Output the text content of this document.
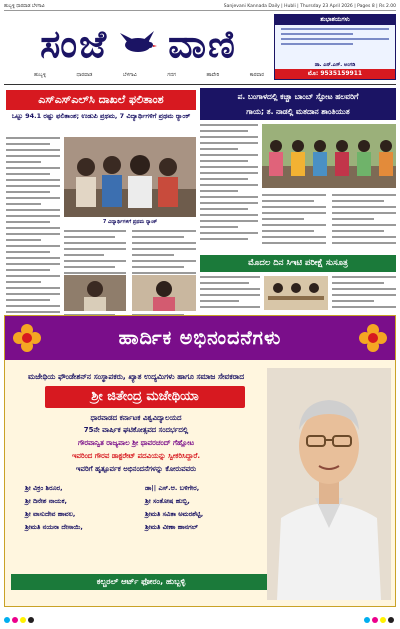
ಹುಬ್ಬಳ್ಳಿ ಧಾರವಾಡ ಬೆಳಗಾವಿ	Sanjevani Kannada Daily | Hubli | Thursday 23 April 2026 | Pages 8 | Rs 2.00
ಸಂಜೆ ವಾಣಿ
ಹುಬ್ಬಳ್ಳಿ	ಧಾರವಾಡ	ಬೆಳಗಾವಿ	ಗದಗ	ಹಾವೇರಿ	ಕಾರವಾರ
ಶುಭಾಶಯಗಳು
ಡಾ. ಎನ್.ಎಸ್. ಅಂಗಡಿ
ಮೊ: 9535159911
ಎಸ್‌ಎಸ್‌ಎಲ್‌ಸಿ ದಾಖಲೆ ಫಲಿತಾಂಶ
ಒಟ್ಟು 94.1 ರಷ್ಟು ಫಲಿತಾಂಶ; ಉಡುಪಿ ಪ್ರಥಮ, 7 ವಿದ್ಯಾರ್ಥಿಗಳಿಗೆ ಪ್ರಥಮ ರ‍್ಯಾಂಕ್
7 ವಿದ್ಯಾರ್ಥಿಗಳಿಗೆ ಪ್ರಥಮ ರ‍್ಯಾಂಕ್
ಪ. ಬಂಗಾಳದಲ್ಲಿ ಕಚ್ಚಾ ಬಾಂಬ್ ಸ್ಫೋಟ ಹಲವರಿಗೆ
ಗಾಯ; ತ. ನಾಡಲ್ಲಿ ಮತದಾನ ಶಾಂತಿಯುತ
ಮೊದಲ ದಿನ ಸಿಇಟಿ ಪರೀಕ್ಷೆ ಸುಸೂತ್ರ
ಹಾರ್ದಿಕ ಅಭಿನಂದನೆಗಳು
ಮಜೇಥಿಯ ಫೌಂಡೇಶನ್‌ನ ಸಂಸ್ಥಾಪಕರು, ಖ್ಯಾತ ಉದ್ಯಮಿಗಳು ಹಾಗೂ ಸಮಾಜ ಸೇವಕರಾದ
ಶ್ರೀ ಜಿತೇಂದ್ರ ಮಜೇಥಿಯಾ
ಧಾರವಾಡದ ಕರ್ನಾಟಕ ವಿಶ್ವವಿದ್ಯಾಲಯದ
75ನೇ ವಾರ್ಷಿಕ ಘಟಿಕೋತ್ಸವದ ಸಂದರ್ಭದಲ್ಲಿ
ಗೌರವಾನ್ವಿತ ರಾಜ್ಯಪಾಲ ಶ್ರೀ ಥಾವರಚಂದ್ ಗೆಹ್ಲೋಟ
ಇವರಿಂದ ಗೌರವ ಡಾಕ್ಟರೇಟ್ ಪದವಿಯನ್ನು ಸ್ವೀಕರಿಸಿದ್ದಾರೆ.
ಇವರಿಗೆ ಹೃತ್ಪೂರ್ವಕ ಅಭಿನಂದನೆಗಳನ್ನು ಕೋರುವವರು
ಶ್ರೀ ವಿಕ್ರಂ ಶಿರೂರ,	ಡಾ|| ಎಸ್.ಆ. ಬಳಿಗೇರ,
ಶ್ರೀ ದಿನೇಶ ನಾಯಕ,	ಶ್ರೀ ಸಂತೋಷ ಹುಬ್ಬಿ,
ಶ್ರೀ ವಾಸುದೇವ ಹಾವಲ,	ಶ್ರೀಮತಿ ಸವಿತಾ ಅಮರಶೆಟ್ಟಿ,
ಶ್ರೀಮತಿ ನಯನಾ ದೇಸಾಯಿ,	ಶ್ರೀಮತಿ ವೀಣಾ ಹಾನಗಲ್
ಕಲ್ಚರಲ್ ಆರ್ಟ್ ಫೋರಂ, ಹುಬ್ಬಳ್ಳಿ
